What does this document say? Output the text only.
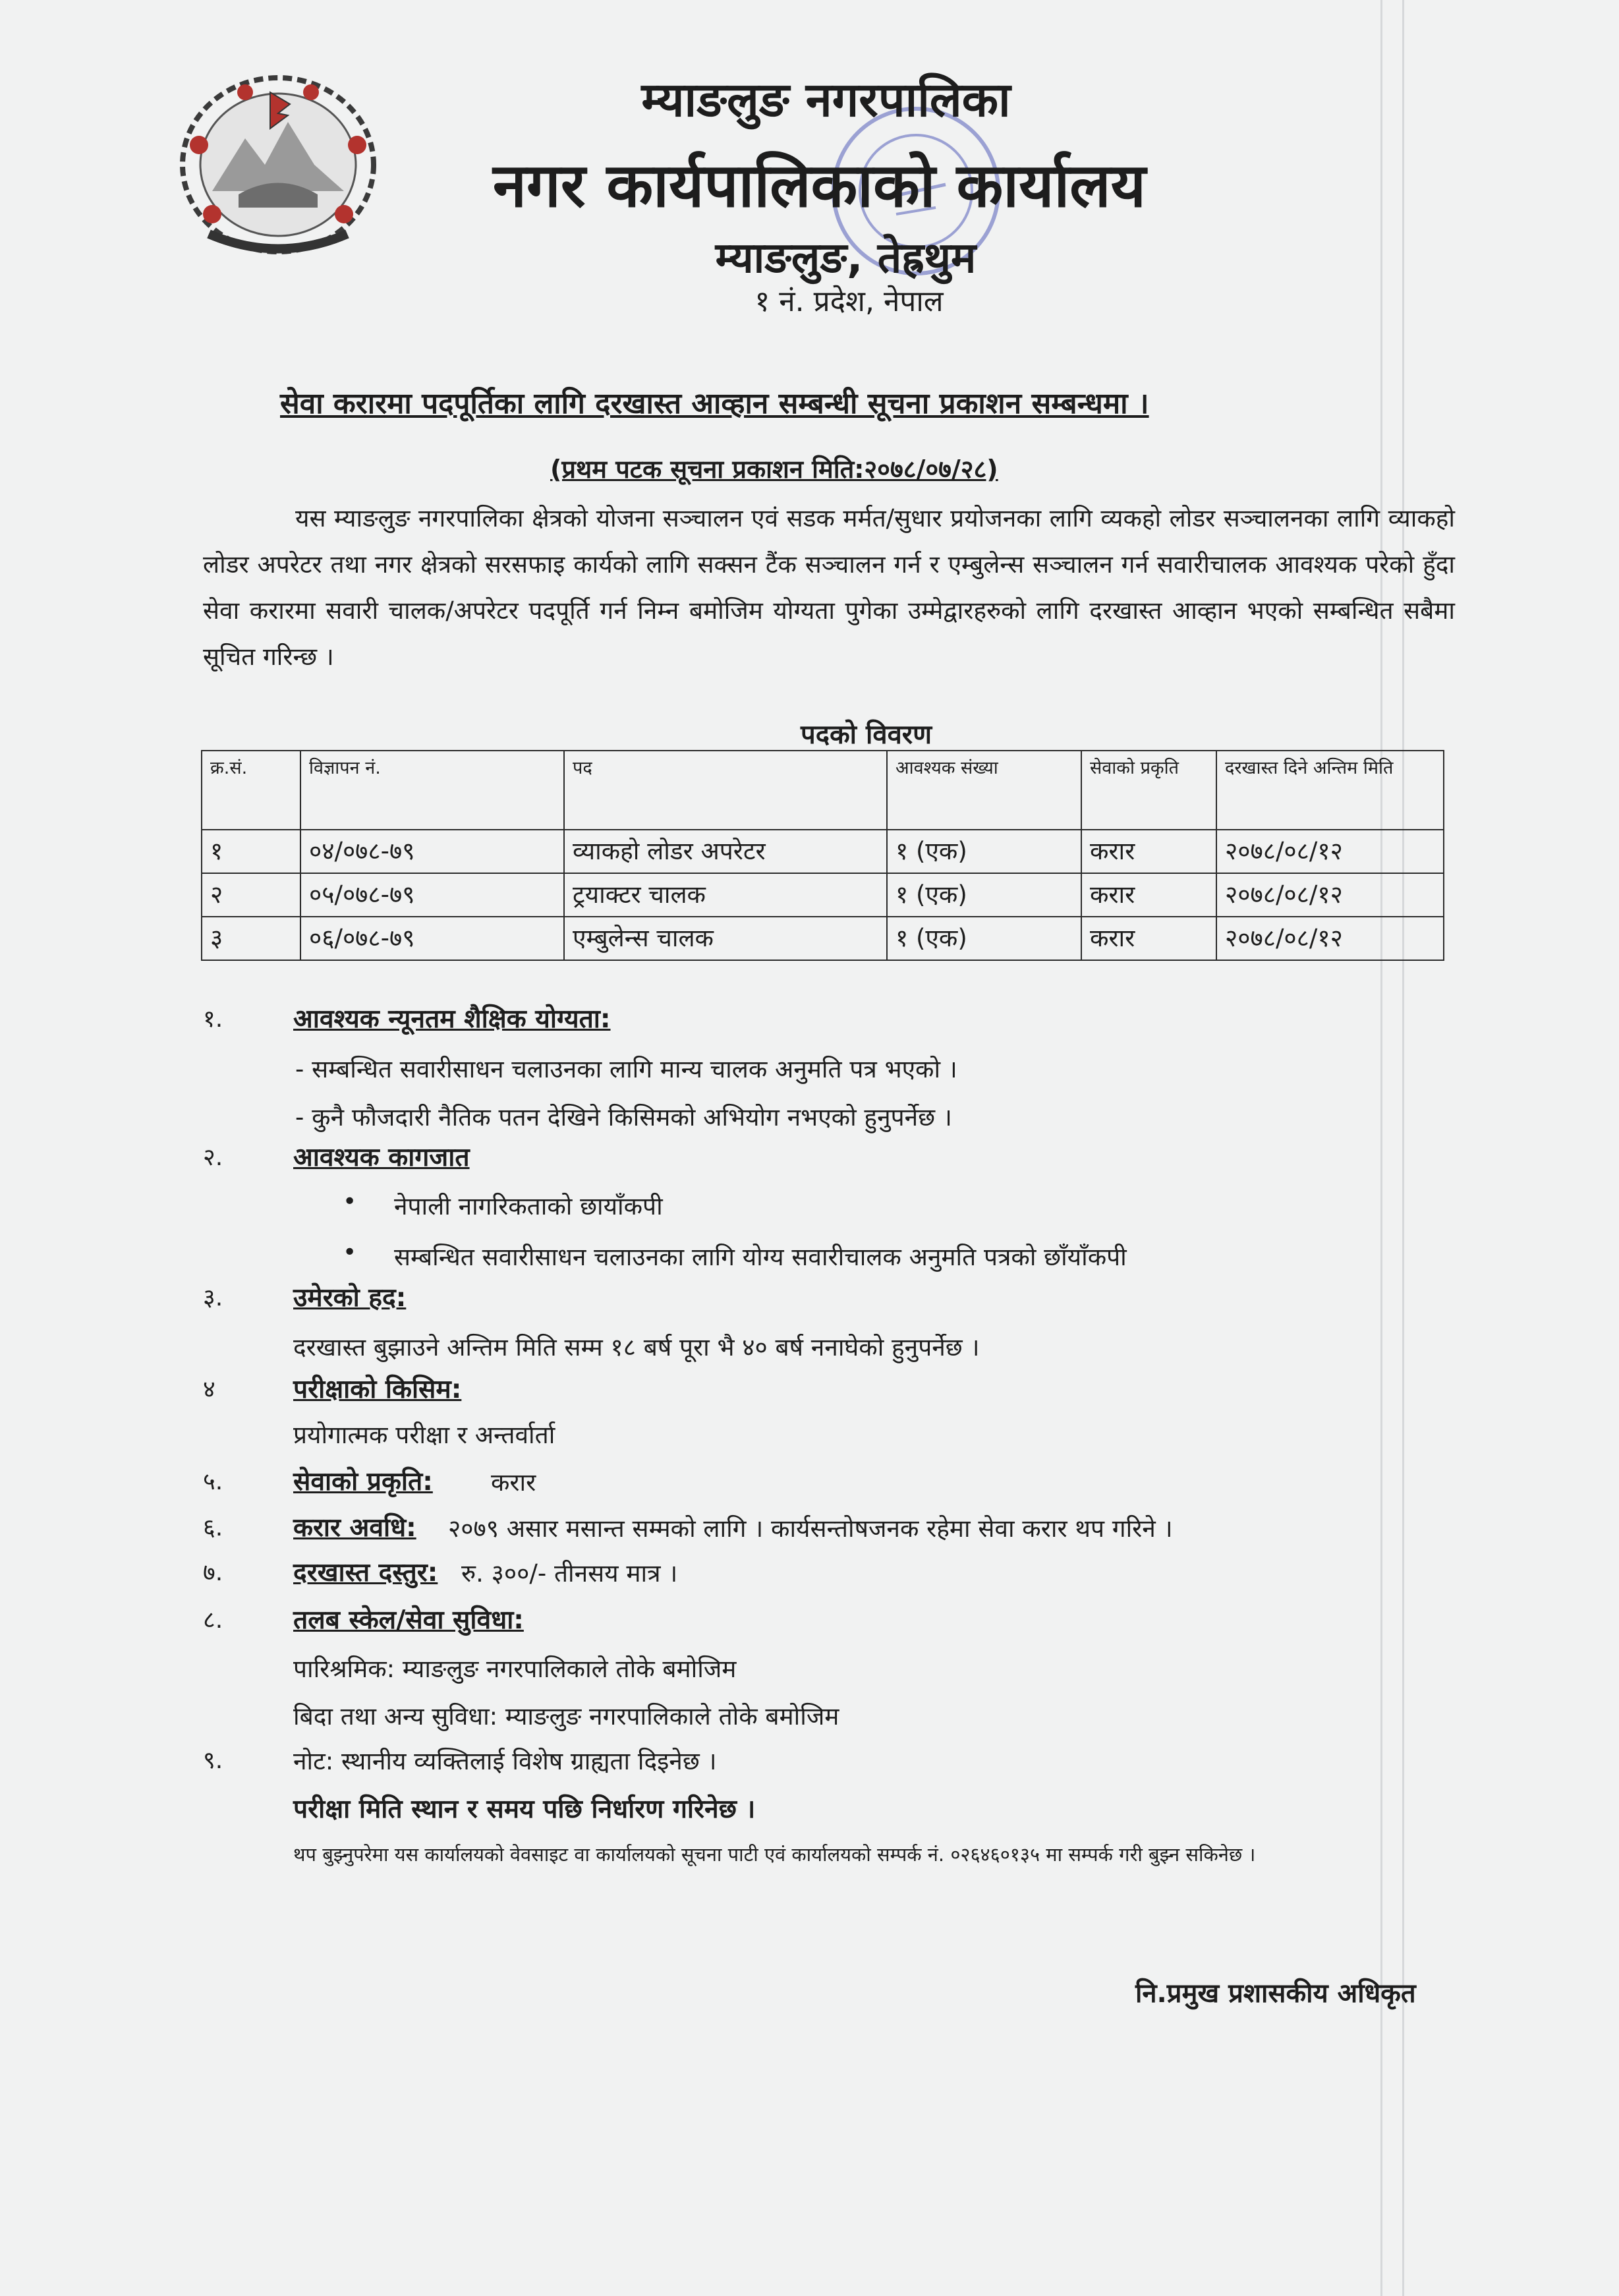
म्याङलुङ नगरपालिका
नगर कार्यपालिकाको कार्यालय
म्याङलुङ, तेह्रथुम
१ नं. प्रदेश, नेपाल
सेवा करारमा पदपूर्तिका लागि दरखास्त आव्हान सम्बन्धी सूचना प्रकाशन सम्बन्धमा ।
(प्रथम पटक सूचना प्रकाशन मिति:२०७८/०७/२८)
यस म्याङलुङ नगरपालिका क्षेत्रको योजना सञ्चालन एवं सडक मर्मत/सुधार प्रयोजनका लागि व्यकहो लोडर सञ्चालनका लागि व्याकहो लोडर अपरेटर तथा नगर क्षेत्रको सरसफाइ कार्यको लागि सक्सन टैंक सञ्चालन गर्न र एम्बुलेन्स सञ्चालन गर्न सवारीचालक आवश्यक परेको हुँदा सेवा करारमा सवारी चालक/अपरेटर पदपूर्ति गर्न निम्न बमोजिम योग्यता पुगेका उम्मेद्वारहरुको लागि दरखास्त आव्हान भएको सम्बन्धित सबैमा सूचित गरिन्छ ।
पदको विवरण
क्र.सं.	विज्ञापन नं.	पद	आवश्यक संख्या	सेवाको प्रकृति	दरखास्त दिने अन्तिम मिति
१	०४/०७८-७९	व्याकहो लोडर अपरेटर	१ (एक)	करार	२०७८/०८/१२
२	०५/०७८-७९	ट्रयाक्टर चालक	१ (एक)	करार	२०७८/०८/१२
३	०६/०७८-७९	एम्बुलेन्स चालक	१ (एक)	करार	२०७८/०८/१२
१.	आवश्यक न्यूनतम शैक्षिक योग्यता:
- सम्बन्धित सवारीसाधन चलाउनका लागि मान्य चालक अनुमति पत्र भएको ।
- कुनै फौजदारी नैतिक पतन देखिने किसिमको अभियोग नभएको हुनुपर्नेछ ।
२.	आवश्यक कागजात
• नेपाली नागरिकताको छायाँकपी
• सम्बन्धित सवारीसाधन चलाउनका लागि योग्य सवारीचालक अनुमति पत्रको छाँयाँकपी
३.	उमेरको हद:
दरखास्त बुझाउने अन्तिम मिति सम्म १८ बर्ष पूरा भै ४० बर्ष ननाघेको हुनुपर्नेछ ।
४	परीक्षाको किसिम:
प्रयोगात्मक परीक्षा र अन्तर्वार्ता
५.	सेवाको प्रकृति: करार
६.	करार अवधि: २०७९ असार मसान्त सम्मको लागि । कार्यसन्तोषजनक रहेमा सेवा करार थप गरिने ।
७.	दरखास्त दस्तुर: रु. ३००/- तीनसय मात्र ।
८.	तलब स्केल/सेवा सुविधा:
पारिश्रमिक: म्याङलुङ नगरपालिकाले तोके बमोजिम
बिदा तथा अन्य सुविधा: म्याङलुङ नगरपालिकाले तोके बमोजिम
९.	नोट: स्थानीय व्यक्तिलाई विशेष ग्राह्यता दिइनेछ ।
परीक्षा मिति स्थान र समय पछि निर्धारण गरिनेछ ।
थप बुझ्नुपरेमा यस कार्यालयको वेवसाइट वा कार्यालयको सूचना पाटी एवं कार्यालयको सम्पर्क नं. ०२६४६०१३५ मा सम्पर्क गरी बुझ्न सकिनेछ ।
नि.प्रमुख प्रशासकीय अधिकृत
